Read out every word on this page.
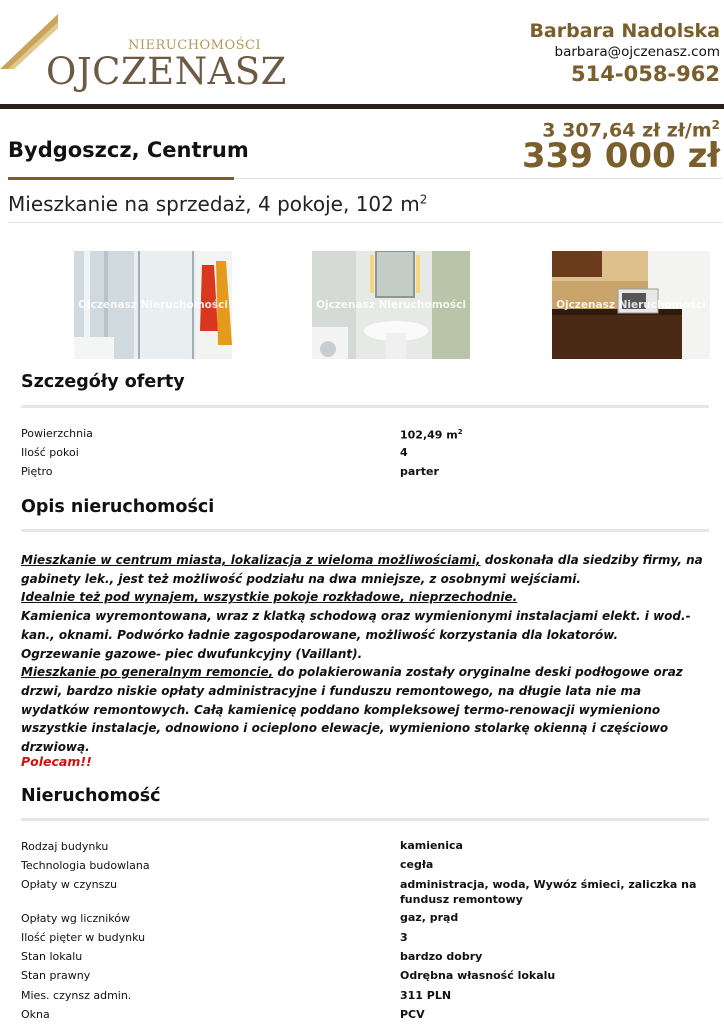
NIERUCHOMOŚCI
OJCZENASZ
Barbara Nadolska
barbara@ojczenasz.com
514-058-962
Bydgoszcz, Centrum
3 307,64 zł $zł/m^2$
339 000 zł
Mieszkanie na sprzedaż, 4 pokoje, 102 $m^2$
Ojczenasz Nieruchomości	Ojczenasz Nieruchomości	Ojczenasz Nieruchomości
Szczegóły oferty
Powierzchnia	102,49 $m^2$
Ilość pokoi	4
Piętro	parter
Opis nieruchomości
Mieszkanie w centrum miasta, lokalizacja z wieloma możliwościami, doskonała dla siedziby firmy, na gabinety lek., jest też możliwość podziału na dwa mniejsze, z osobnymi wejściami.
Idealnie też pod wynajem, wszystkie pokoje rozkładowe, nieprzechodnie.
Kamienica wyremontowana, wraz z klatką schodową oraz wymienionymi instalacjami elekt. i wod.- kan., oknami. Podwórko ładnie zagospodarowane, możliwość korzystania dla lokatorów.
Ogrzewanie gazowe- piec dwufunkcyjny (Vaillant).
Mieszkanie po generalnym remoncie, do polakierowania zostały oryginalne deski podłogowe oraz drzwi, bardzo niskie opłaty administracyjne i funduszu remontowego, na długie lata nie ma wydatków remontowych. Całą kamienicę poddano kompleksowej termo-renowacji wymieniono wszystkie instalacje, odnowiono i ocieplono elewacje, wymieniono stolarkę okienną i częściowo drzwiową.
Polecam!!
Nieruchomość
Rodzaj budynku	kamienica
Technologia budowlana	cegła
Opłaty w czynszu	administracja, woda, Wywóz śmieci, zaliczka na fundusz remontowy
Opłaty wg liczników	gaz, prąd
Ilość pięter w budynku	3
Stan lokalu	bardzo dobry
Stan prawny	Odrębna własność lokalu
Mies. czynsz admin.	311 PLN
Okna	PCV
